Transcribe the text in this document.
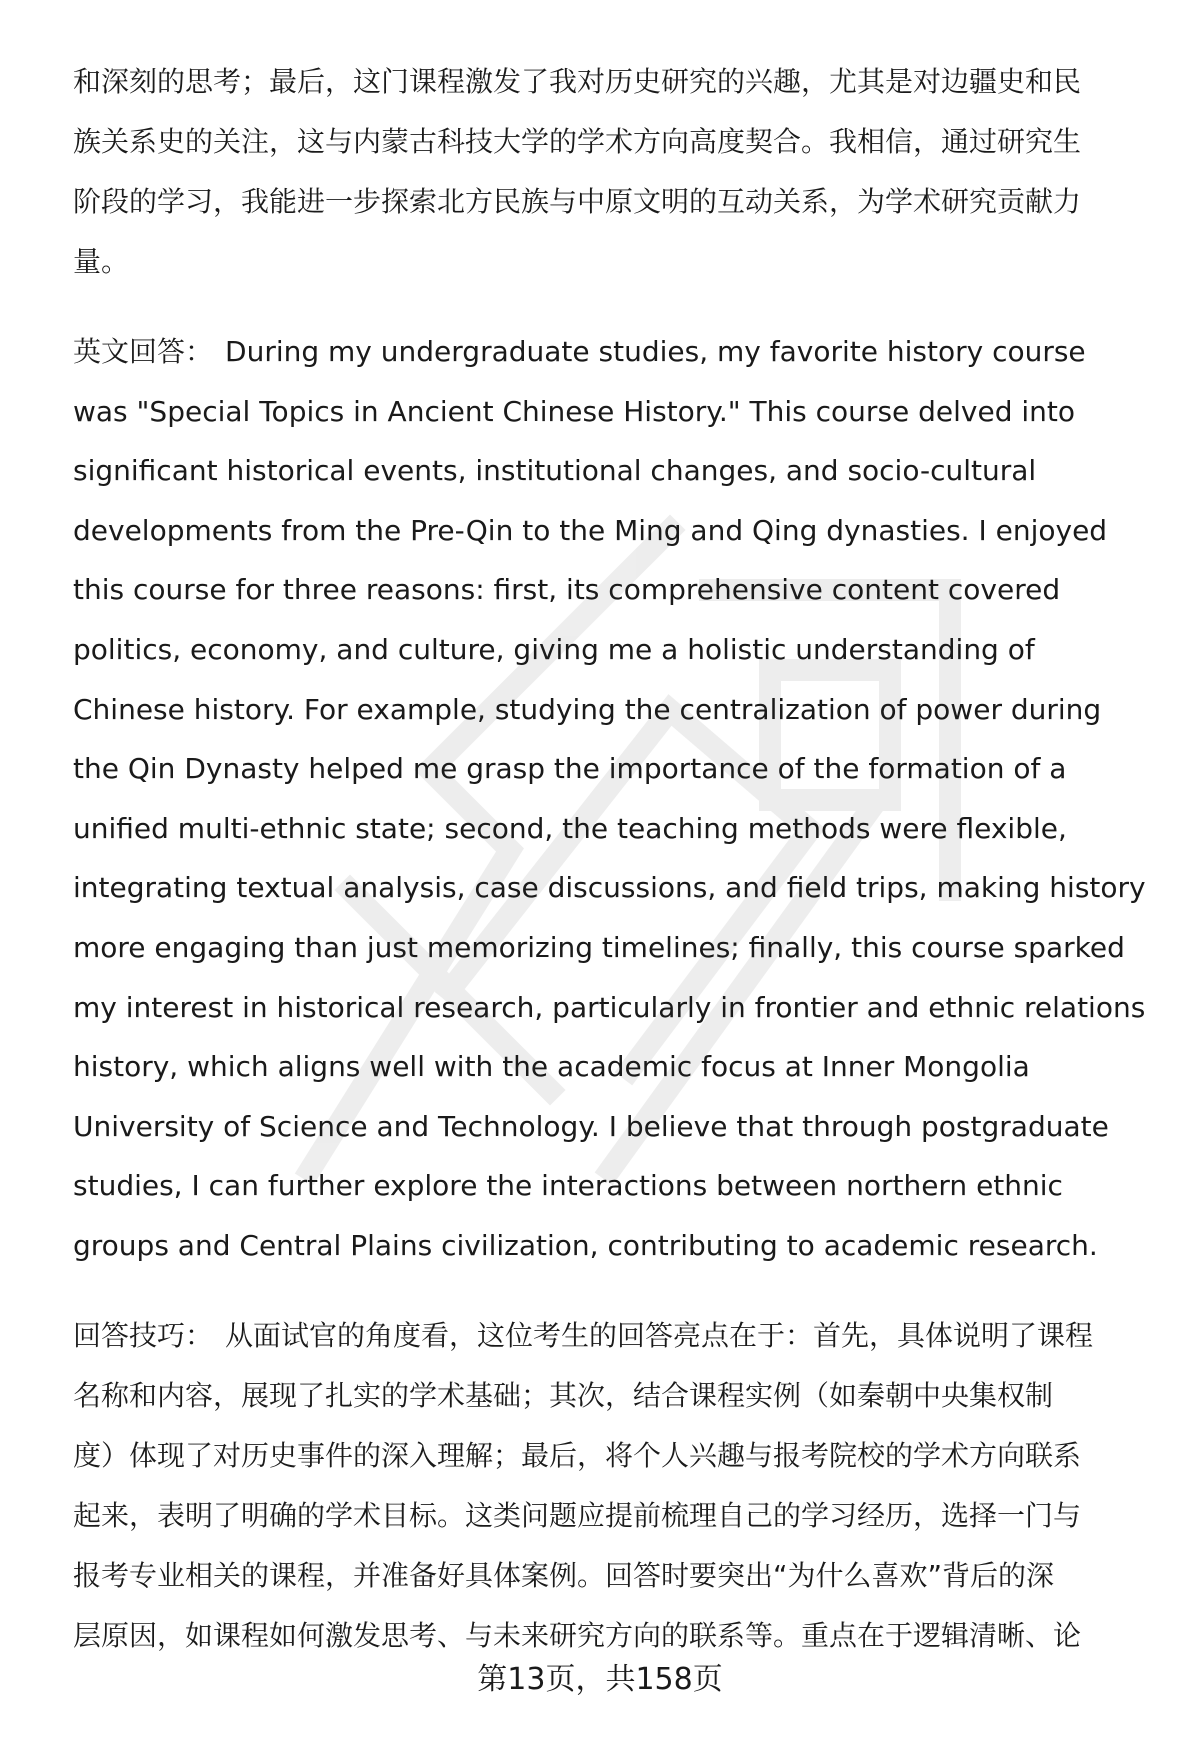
和深刻的思考；最后，这门课程激发了我对历史研究的兴趣，尤其是对边疆史和民
族关系史的关注，这与内蒙古科技大学的学术方向高度契合。我相信，通过研究生
阶段的学习，我能进一步探索北方民族与中原文明的互动关系，为学术研究贡献力
量。

英文回答： During my undergraduate studies, my favorite history course
was "Special Topics in Ancient Chinese History." This course delved into
significant historical events, institutional changes, and socio-cultural
developments from the Pre-Qin to the Ming and Qing dynasties. I enjoyed
this course for three reasons: first, its comprehensive content covered
politics, economy, and culture, giving me a holistic understanding of
Chinese history. For example, studying the centralization of power during
the Qin Dynasty helped me grasp the importance of the formation of a
unified multi-ethnic state; second, the teaching methods were flexible,
integrating textual analysis, case discussions, and field trips, making history
more engaging than just memorizing timelines; finally, this course sparked
my interest in historical research, particularly in frontier and ethnic relations
history, which aligns well with the academic focus at Inner Mongolia
University of Science and Technology. I believe that through postgraduate
studies, I can further explore the interactions between northern ethnic
groups and Central Plains civilization, contributing to academic research.

回答技巧： 从面试官的角度看，这位考生的回答亮点在于：首先，具体说明了课程
名称和内容，展现了扎实的学术基础；其次，结合课程实例（如秦朝中央集权制
度）体现了对历史事件的深入理解；最后，将个人兴趣与报考院校的学术方向联系
起来，表明了明确的学术目标。这类问题应提前梳理自己的学习经历，选择一门与
报考专业相关的课程，并准备好具体案例。回答时要突出“为什么喜欢”背后的深
层原因，如课程如何激发思考、与未来研究方向的联系等。重点在于逻辑清晰、论

第13页，共158页
